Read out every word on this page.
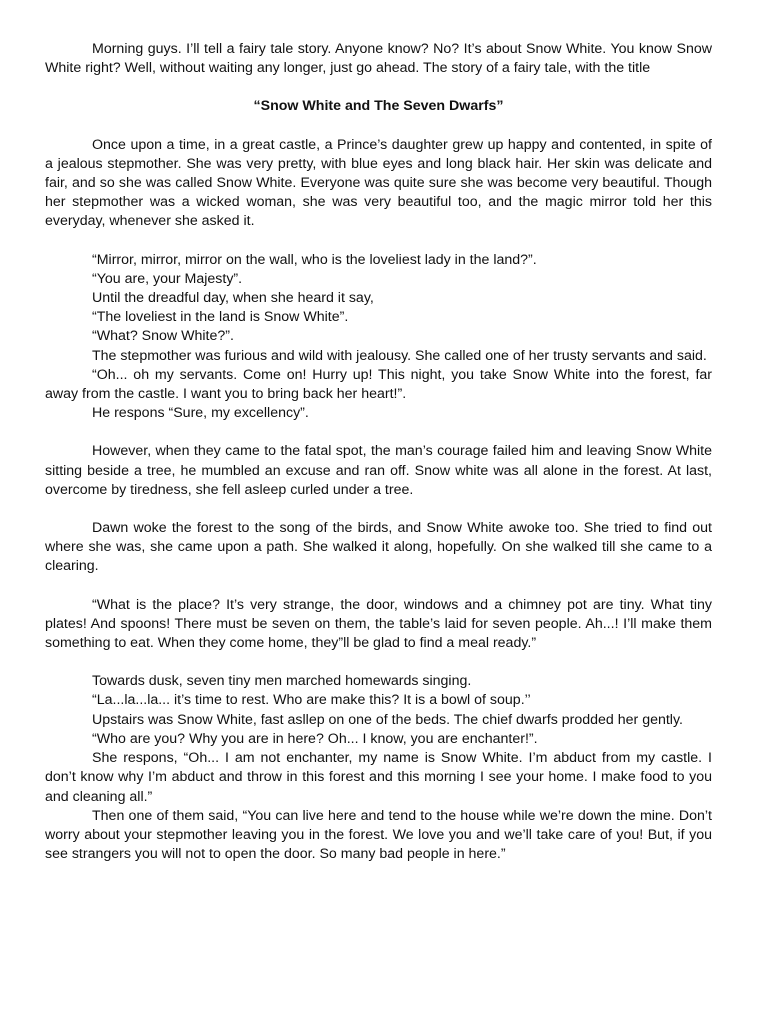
Morning guys. I’ll tell a fairy tale story. Anyone know? No? It’s about Snow White. You know Snow White right? Well, without waiting any longer, just go ahead. The story of a fairy tale, with the title

“Snow White and The Seven Dwarfs”

Once upon a time, in a great castle, a Prince’s daughter grew up happy and contented, in spite of a jealous stepmother. She was very pretty, with blue eyes and long black hair. Her skin was delicate and fair, and so she was called Snow White. Everyone was quite sure she was become very beautiful. Though her stepmother was a wicked woman, she was very beautiful too, and the magic mirror told her this everyday, whenever she asked it.

“Mirror, mirror, mirror on the wall, who is the loveliest lady in the land?”.

“You are, your Majesty”.

Until the dreadful day, when she heard it say,

“The loveliest in the land is Snow White”.

“What? Snow White?”.

The stepmother was furious and wild with jealousy. She called one of her trusty servants and said.

“Oh... oh my servants. Come on! Hurry up! This night, you take Snow White into the forest, far away from the castle. I want you to bring back her heart!”.

He respons “Sure, my excellency”.

However, when they came to the fatal spot, the man’s courage failed him and leaving Snow White sitting beside a tree, he mumbled an excuse and ran off. Snow white was all alone in the forest. At last, overcome by tiredness, she fell asleep curled under a tree.

Dawn woke the forest to the song of the birds, and Snow White awoke too. She tried to find out where she was, she came upon a path. She walked it along, hopefully. On she walked till she came to a clearing.

“What is the place? It’s very strange, the door, windows and a chimney pot are tiny. What tiny plates! And spoons! There must be seven on them, the table’s laid for seven people. Ah...! I’ll make them something to eat. When they come home, they”ll be glad to find a meal ready.”

Towards dusk, seven tiny men marched homewards singing.

“La...la...la... it’s time to rest. Who are make this? It is a bowl of soup.’’

Upstairs was Snow White, fast asllep on one of the beds. The chief dwarfs prodded her gently.

“Who are you? Why you are in here? Oh... I know, you are enchanter!”.

She respons, “Oh... I am not enchanter, my name is Snow White. I’m abduct from my castle. I don’t know why I’m abduct and throw in this forest and this morning I see your home. I make food to you and cleaning all.”

Then one of them said, “You can live here and tend to the house while we’re down the mine. Don’t worry about your stepmother leaving you in the forest. We love you and we’ll take care of you! But, if you see strangers you will not to open the door. So many bad people in here.”
